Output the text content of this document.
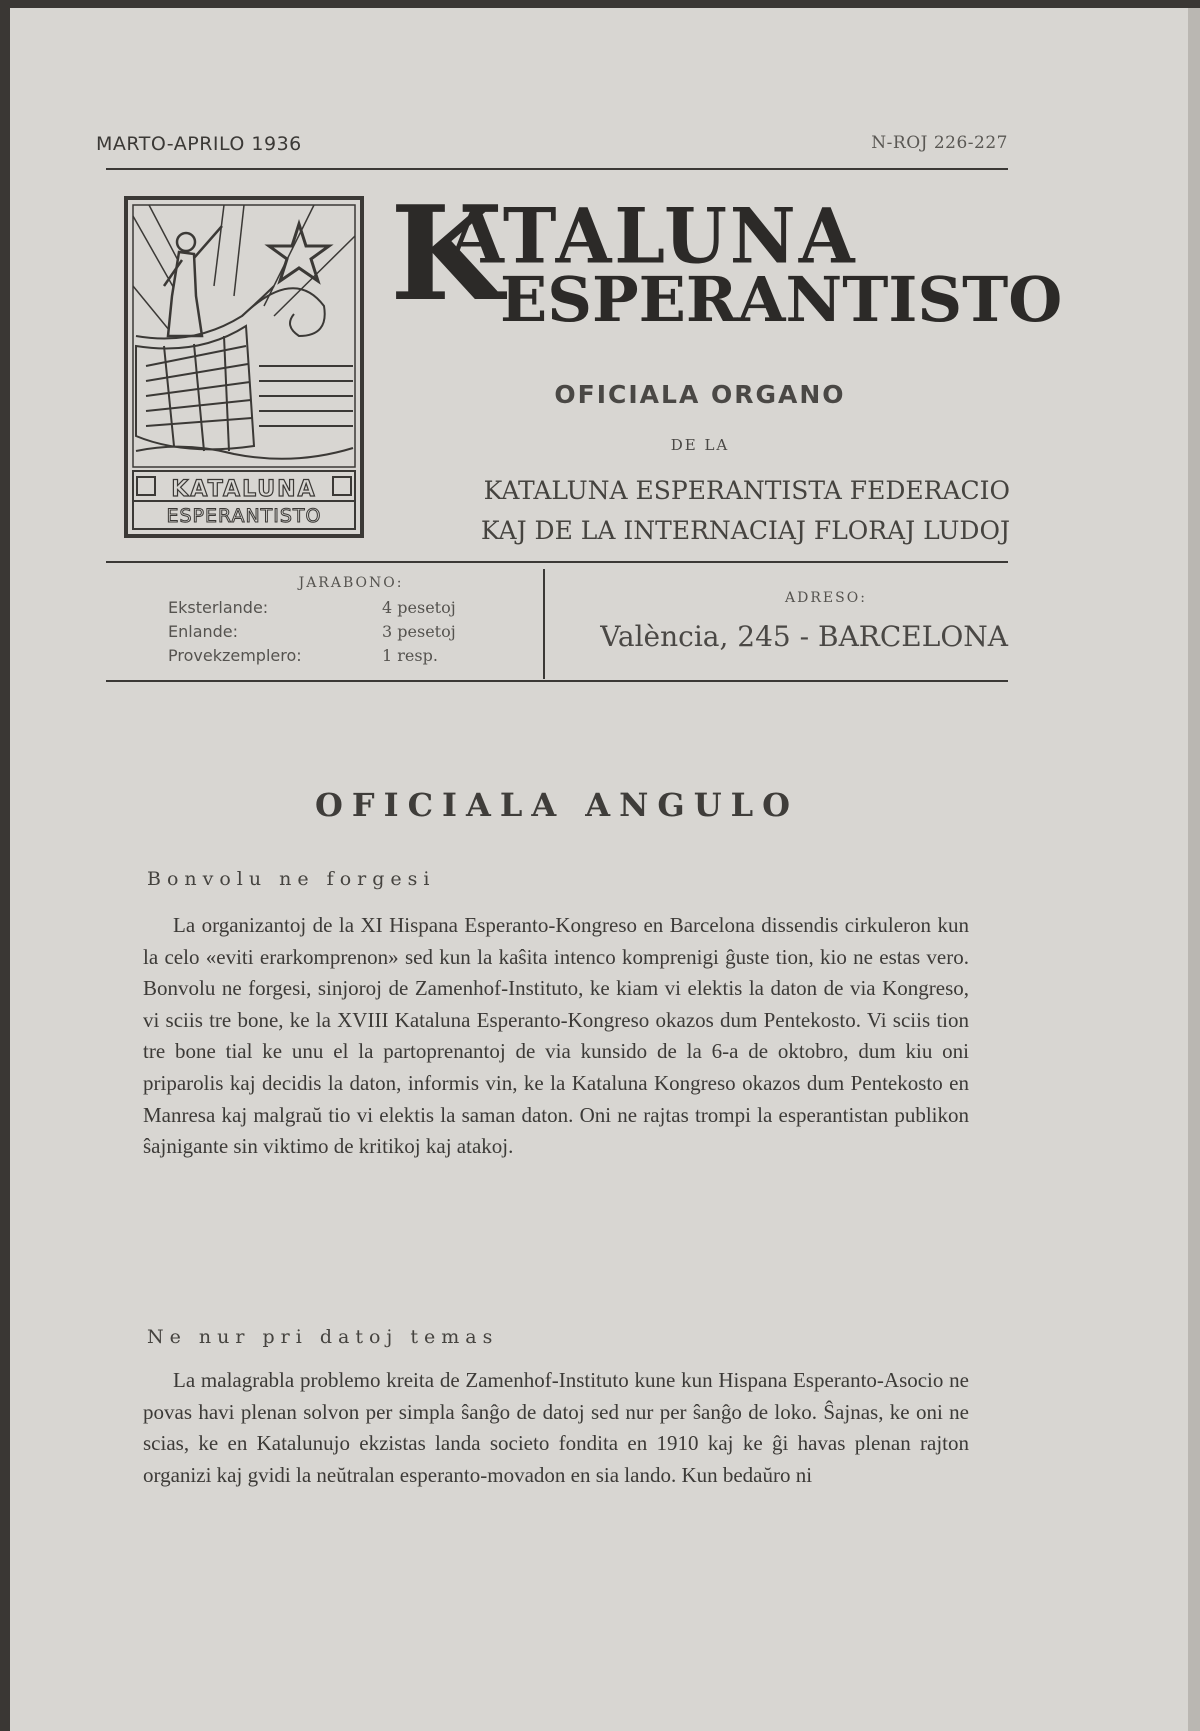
MARTO-APRILO 1936	N-ROJ 226-227
KATALUNA
ESPERANTISTO
K
ATALUNA
ESPERANTISTO
OFICIALA ORGANO
DE LA
KATALUNA ESPERANTISTA FEDERACIO
KAJ DE LA INTERNACIAJ FLORAJ LUDOJ
JARABONO:
Eksterlande:	4 pesetoj
Enlande:	3 pesetoj
Provekzemplero:	1 resp.
ADRESO:
València, 245 - BARCELONA
OFICIALA ANGULO
Bonvolu ne forgesi
La organizantoj de la XI Hispana Esperanto-Kongreso en Barcelona dissendis cirkuleron kun la celo «eviti erarkomprenon» sed kun la kaŝita intenco komprenigi ĝuste tion, kio ne estas vero. Bonvolu ne forgesi, sinjoroj de Zamenhof-Instituto, ke kiam vi elektis la daton de via Kongreso, vi sciis tre bone, ke la XVIII Kataluna Esperanto-Kongreso okazos dum Pentekosto. Vi sciis tion tre bone tial ke unu el la partoprenantoj de via kunsido de la 6-a de oktobro, dum kiu oni priparolis kaj decidis la daton, informis vin, ke la Kataluna Kongreso okazos dum Pentekosto en Manresa kaj malgraŭ tio vi elektis la saman daton. Oni ne rajtas trompi la esperantistan publikon ŝajnigante sin viktimo de kritikoj kaj atakoj.
Ne nur pri datoj temas
La malagrabla problemo kreita de Zamenhof-Instituto kune kun Hispana Esperanto-Asocio ne povas havi plenan solvon per simpla ŝanĝo de datoj sed nur per ŝanĝo de loko. Ŝajnas, ke oni ne scias, ke en Katalunujo ekzistas landa societo fondita en 1910 kaj ke ĝi havas plenan rajton organizi kaj gvidi la neŭtralan esperanto-movadon en sia lando. Kun bedaŭro ni
